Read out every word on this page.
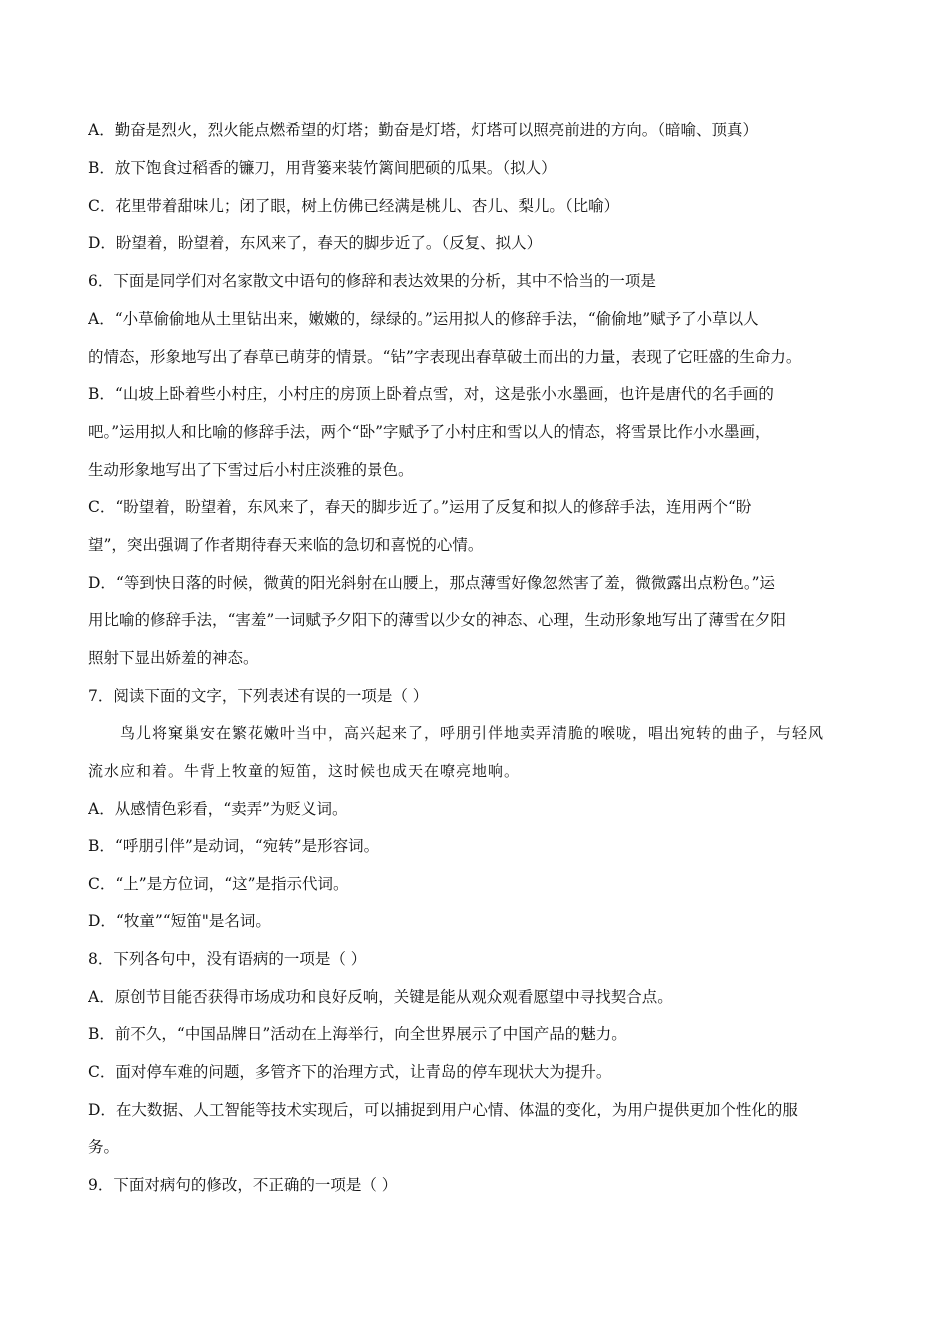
A．勤奋是烈火，烈火能点燃希望的灯塔；勤奋是灯塔，灯塔可以照亮前进的方向。（暗喻、顶真）
B．放下饱食过稻香的镰刀，用背篓来装竹篱间肥硕的瓜果。（拟人）
C．花里带着甜味儿；闭了眼，树上仿佛已经满是桃儿、杏儿、梨儿。（比喻）
D．盼望着，盼望着，东风来了，春天的脚步近了。（反复、拟人）
6．下面是同学们对名家散文中语句的修辞和表达效果的分析，其中不恰当的一项是
A．“小草偷偷地从土里钻出来，嫩嫩的，绿绿的。”运用拟人的修辞手法，“偷偷地”赋予了小草以人
的情态，形象地写出了春草已萌芽的情景。“钻”字表现出春草破土而出的力量，表现了它旺盛的生命力。
B．“山坡上卧着些小村庄，小村庄的房顶上卧着点雪，对，这是张小水墨画，也许是唐代的名手画的
吧。”运用拟人和比喻的修辞手法，两个“卧”字赋予了小村庄和雪以人的情态，将雪景比作小水墨画，
生动形象地写出了下雪过后小村庄淡雅的景色。
C．“盼望着，盼望着，东风来了，春天的脚步近了。”运用了反复和拟人的修辞手法，连用两个“盼
望”，突出强调了作者期待春天来临的急切和喜悦的心情。
D．“等到快日落的时候，微黄的阳光斜射在山腰上，那点薄雪好像忽然害了羞，微微露出点粉色。”运
用比喻的修辞手法，“害羞”一词赋予夕阳下的薄雪以少女的神态、心理，生动形象地写出了薄雪在夕阳
照射下显出娇羞的神态。
7．阅读下面的文字，下列表述有误的一项是（ ）
鸟儿将窠巢安在繁花嫩叶当中，高兴起来了，呼朋引伴地卖弄清脆的喉咙，唱出宛转的曲子，与轻风
流水应和着。牛背上牧童的短笛，这时候也成天在嘹亮地响。
A．从感情色彩看，“卖弄”为贬义词。
B．“呼朋引伴”是动词，“宛转”是形容词。
C．“上”是方位词，“这”是指示代词。
D．“牧童”“短笛"是名词。
8．下列各句中，没有语病的一项是（ ）
A．原创节目能否获得市场成功和良好反响，关键是能从观众观看愿望中寻找契合点。
B．前不久，“中国品牌日”活动在上海举行，向全世界展示了中国产品的魅力。
C．面对停车难的问题，多管齐下的治理方式，让青岛的停车现状大为提升。
D．在大数据、人工智能等技术实现后，可以捕捉到用户心情、体温的变化，为用户提供更加个性化的服
务。
9．下面对病句的修改，不正确的一项是（ ）
